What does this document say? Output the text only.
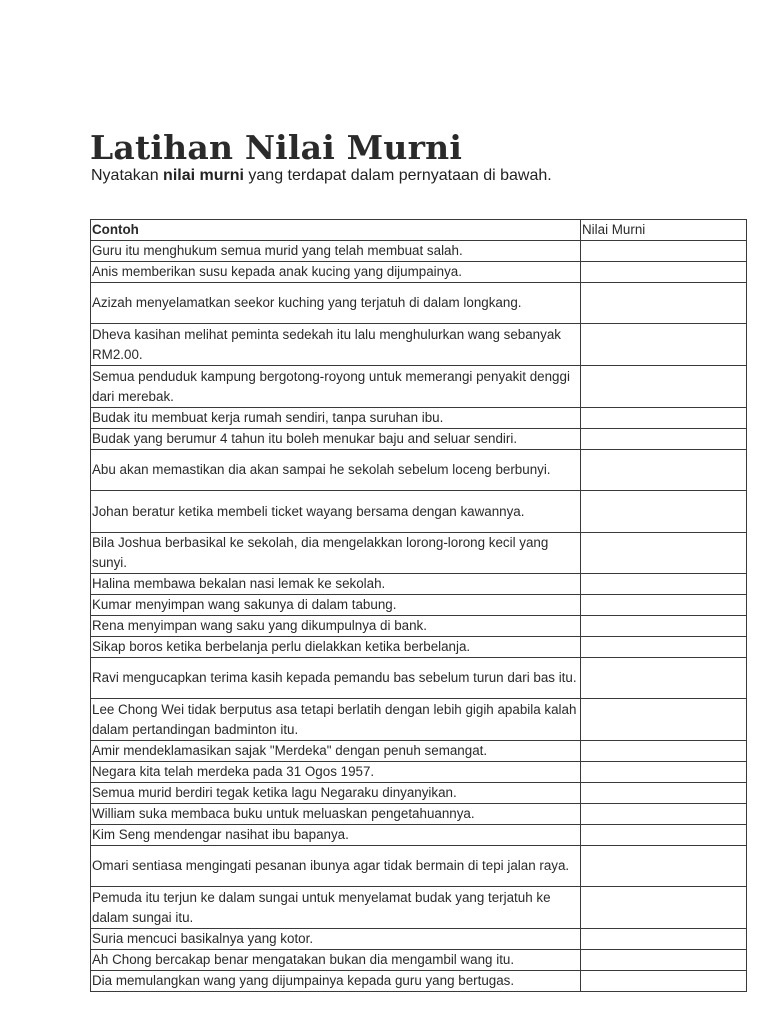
Latihan Nilai Murni

Nyatakan nilai murni yang terdapat dalam pernyataan di bawah.

Contoh	Nilai Murni
Guru itu menghukum semua murid yang telah membuat salah.	
Anis memberikan susu kepada anak kucing yang dijumpainya.	
Azizah menyelamatkan seekor kuching yang terjatuh di dalam longkang.	
Dheva kasihan melihat peminta sedekah itu lalu menghulurkan wang sebanyak RM2.00.	
Semua penduduk kampung bergotong-royong untuk memerangi penyakit denggi dari merebak.	
Budak itu membuat kerja rumah sendiri, tanpa suruhan ibu.	
Budak yang berumur 4 tahun itu boleh menukar baju and seluar sendiri.	
Abu akan memastikan dia akan sampai he sekolah sebelum loceng berbunyi.	
Johan beratur ketika membeli ticket wayang bersama dengan kawannya.	
Bila Joshua berbasikal ke sekolah, dia mengelakkan lorong-lorong kecil yang sunyi.	
Halina membawa bekalan nasi lemak ke sekolah.	
Kumar menyimpan wang sakunya di dalam tabung.	
Rena menyimpan wang saku yang dikumpulnya di bank.	
Sikap boros ketika berbelanja perlu dielakkan ketika berbelanja.	
Ravi mengucapkan terima kasih kepada pemandu bas sebelum turun dari bas itu.	
Lee Chong Wei tidak berputus asa tetapi berlatih dengan lebih gigih apabila kalah dalam pertandingan badminton itu.	
Amir mendeklamasikan sajak "Merdeka" dengan penuh semangat.	
Negara kita telah merdeka pada 31 Ogos 1957.	
Semua murid berdiri tegak ketika lagu Negaraku dinyanyikan.	
William suka membaca buku untuk meluaskan pengetahuannya.	
Kim Seng mendengar nasihat ibu bapanya.	
Omari sentiasa mengingati pesanan ibunya agar tidak bermain di tepi jalan raya.	
Pemuda itu terjun ke dalam sungai untuk menyelamat budak yang terjatuh ke dalam sungai itu.	
Suria mencuci basikalnya yang kotor.	
Ah Chong bercakap benar mengatakan bukan dia mengambil wang itu.	
Dia memulangkan wang yang dijumpainya kepada guru yang bertugas.	
